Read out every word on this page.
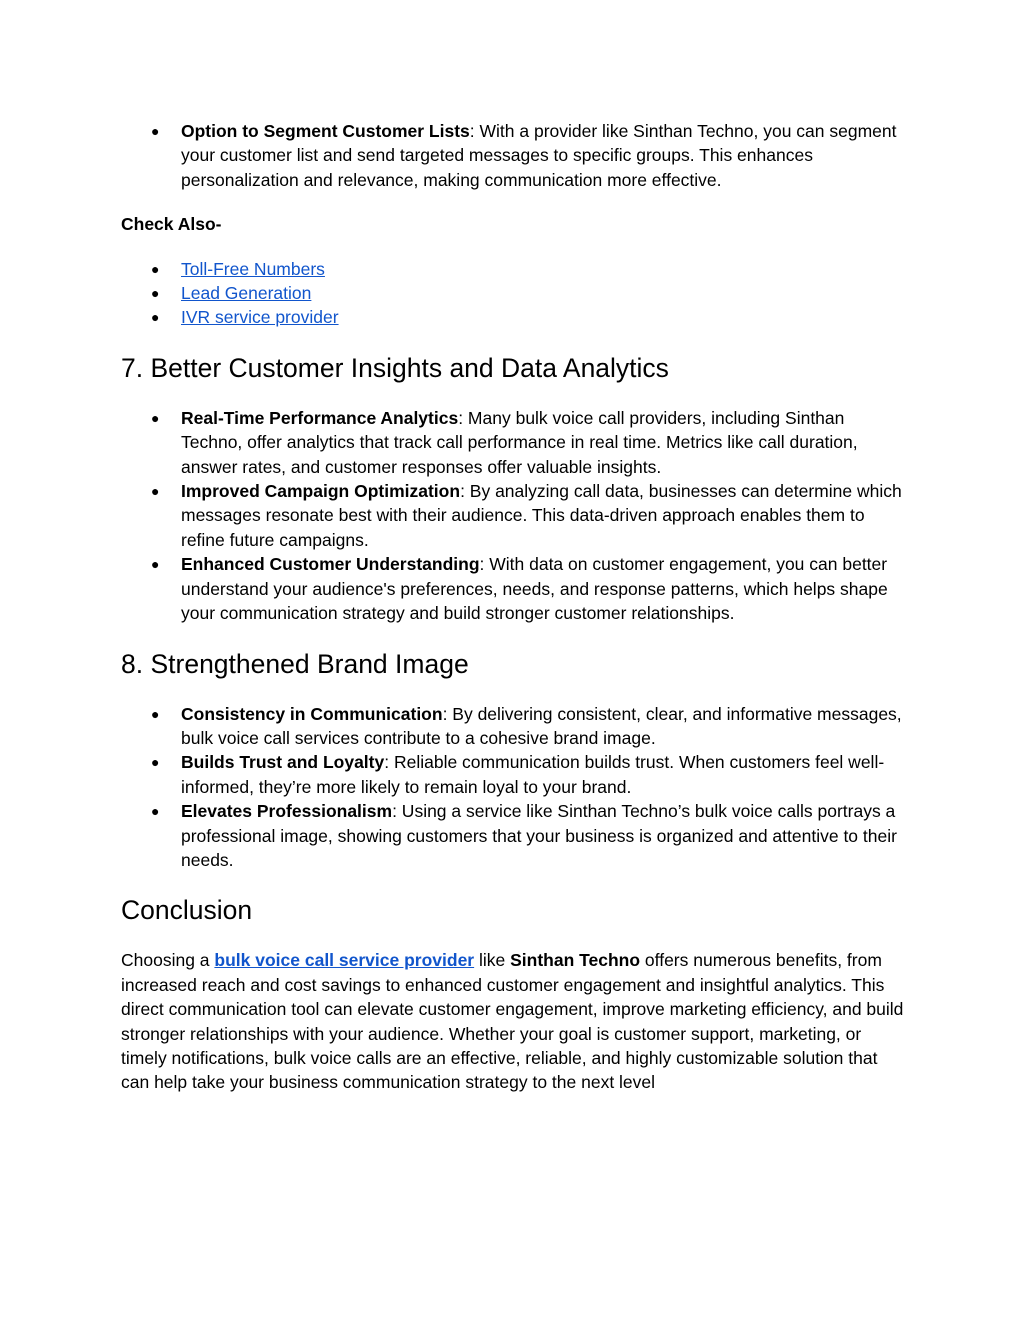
● Option to Segment Customer Lists: With a provider like Sinthan Techno, you can segment your customer list and send targeted messages to specific groups. This enhances personalization and relevance, making communication more effective.
Check Also-
● Toll-Free Numbers
● Lead Generation
● IVR service provider
7. Better Customer Insights and Data Analytics
● Real-Time Performance Analytics: Many bulk voice call providers, including Sinthan Techno, offer analytics that track call performance in real time. Metrics like call duration, answer rates, and customer responses offer valuable insights.
● Improved Campaign Optimization: By analyzing call data, businesses can determine which messages resonate best with their audience. This data-driven approach enables them to refine future campaigns.
● Enhanced Customer Understanding: With data on customer engagement, you can better understand your audience's preferences, needs, and response patterns, which helps shape your communication strategy and build stronger customer relationships.
8. Strengthened Brand Image
● Consistency in Communication: By delivering consistent, clear, and informative messages, bulk voice call services contribute to a cohesive brand image.
● Builds Trust and Loyalty: Reliable communication builds trust. When customers feel well-informed, they’re more likely to remain loyal to your brand.
● Elevates Professionalism: Using a service like Sinthan Techno’s bulk voice calls portrays a professional image, showing customers that your business is organized and attentive to their needs.
Conclusion

Choosing a bulk voice call service provider like Sinthan Techno offers numerous benefits, from increased reach and cost savings to enhanced customer engagement and insightful analytics. This direct communication tool can elevate customer engagement, improve marketing efficiency, and build stronger relationships with your audience. Whether your goal is customer support, marketing, or timely notifications, bulk voice calls are an effective, reliable, and highly customizable solution that can help take your business communication strategy to the next level
